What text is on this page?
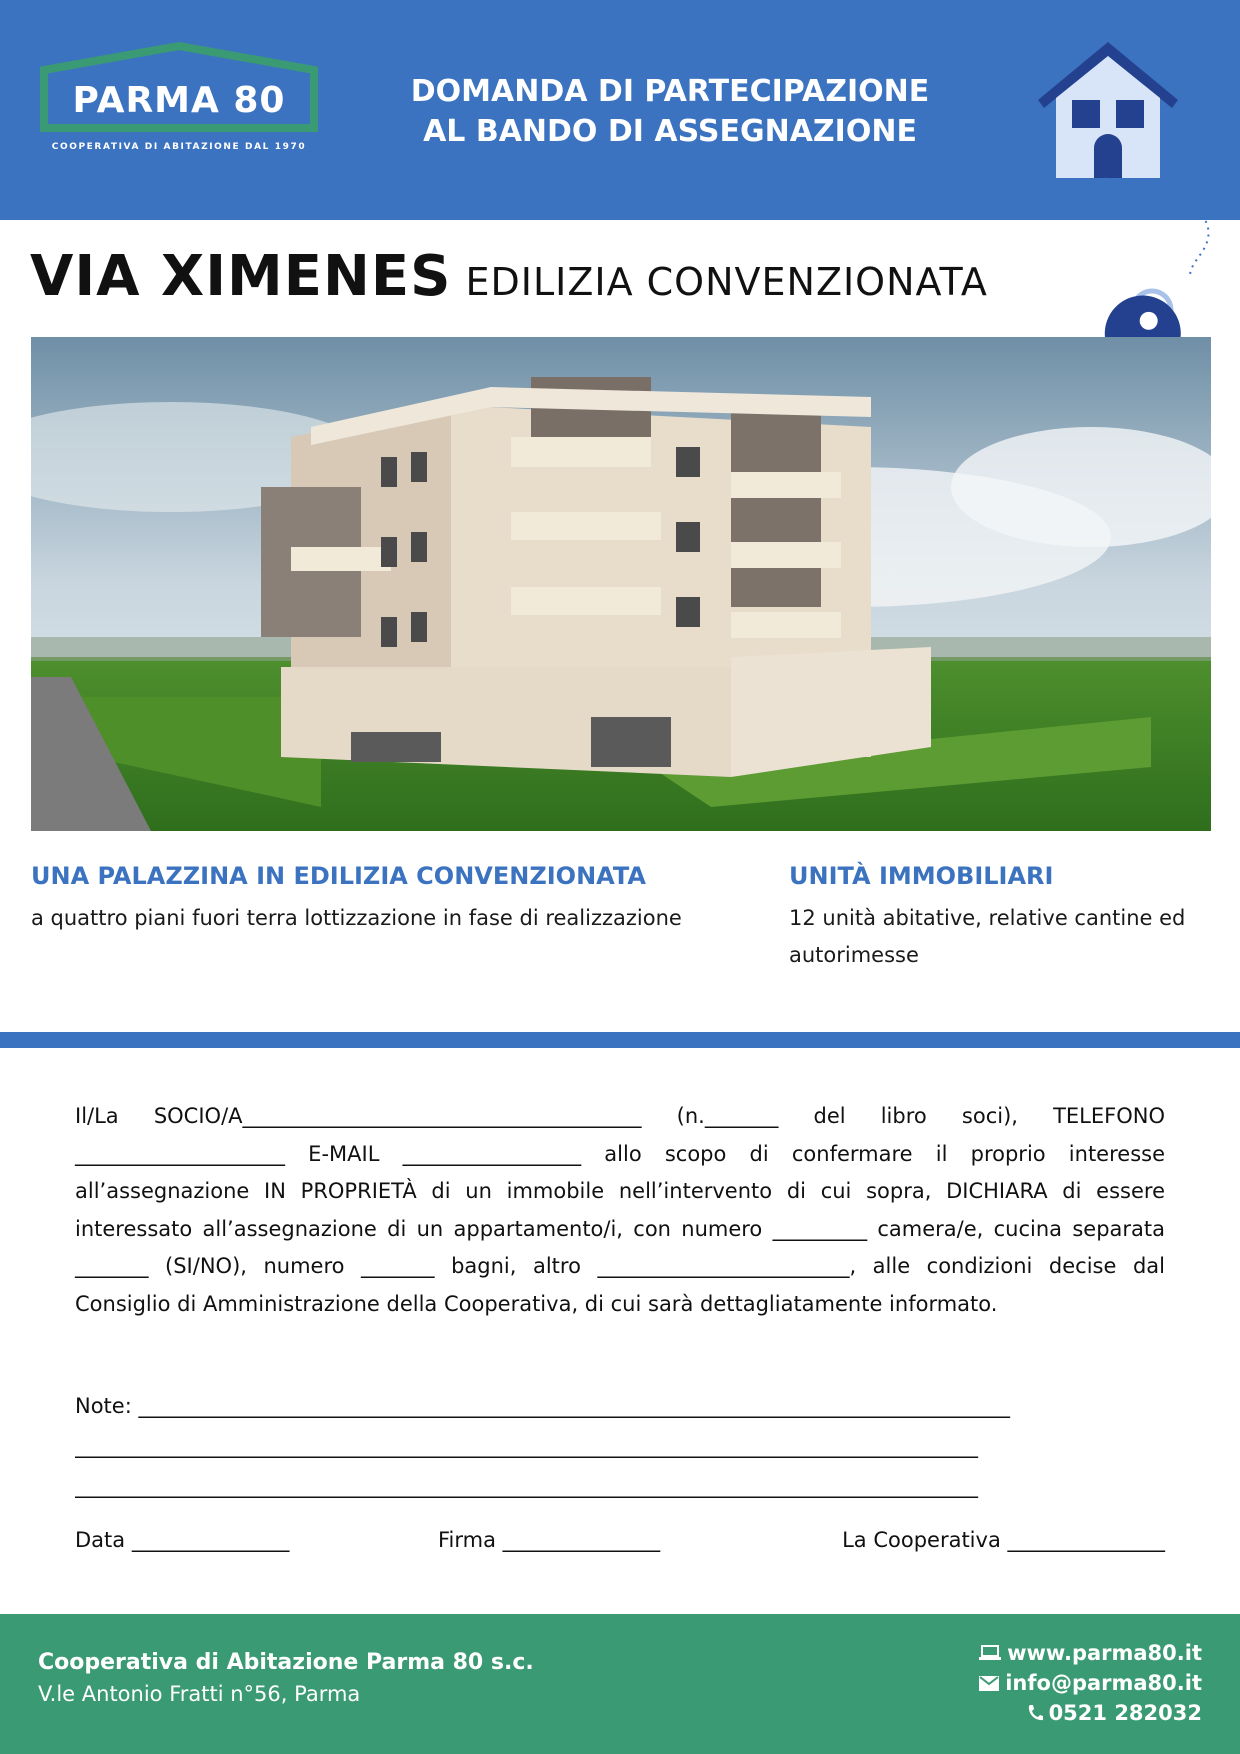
PARMA 80
COOPERATIVA DI ABITAZIONE DAL 1970
DOMANDA DI PARTECIPAZIONE
AL BANDO DI ASSEGNAZIONE
VIA XIMENES EDILIZIA CONVENZIONATA
UNA PALAZZINA IN EDILIZIA CONVENZIONATA
a quattro piani fuori terra lottizzazione in fase di realizzazione
UNITÀ IMMOBILIARI
12 unità abitative, relative cantine ed autorimesse
Il/La SOCIO/A______________________________________ (n._______ del libro soci), TELEFONO ____________________ E-MAIL _________________ allo scopo di confermare il proprio interesse all’assegnazione IN PROPRIETÀ di un immobile nell’intervento di cui sopra, DICHIARA di essere interessato all’assegnazione di un appartamento/i, con numero _________ camera/e, cucina separata _______ (SI/NO), numero _______ bagni, altro ________________________, alle condizioni decise dal Consiglio di Amministrazione della Cooperativa, di cui sarà dettagliatamente informato.
Note: ___________________________________________________________________________________
______________________________________________________________________________________
______________________________________________________________________________________
Data _______________	Firma _______________	La Cooperativa _______________
Cooperativa di Abitazione Parma 80 s.c.
V.le Antonio Fratti n°56, Parma
www.parma80.it
info@parma80.it
0521 282032
